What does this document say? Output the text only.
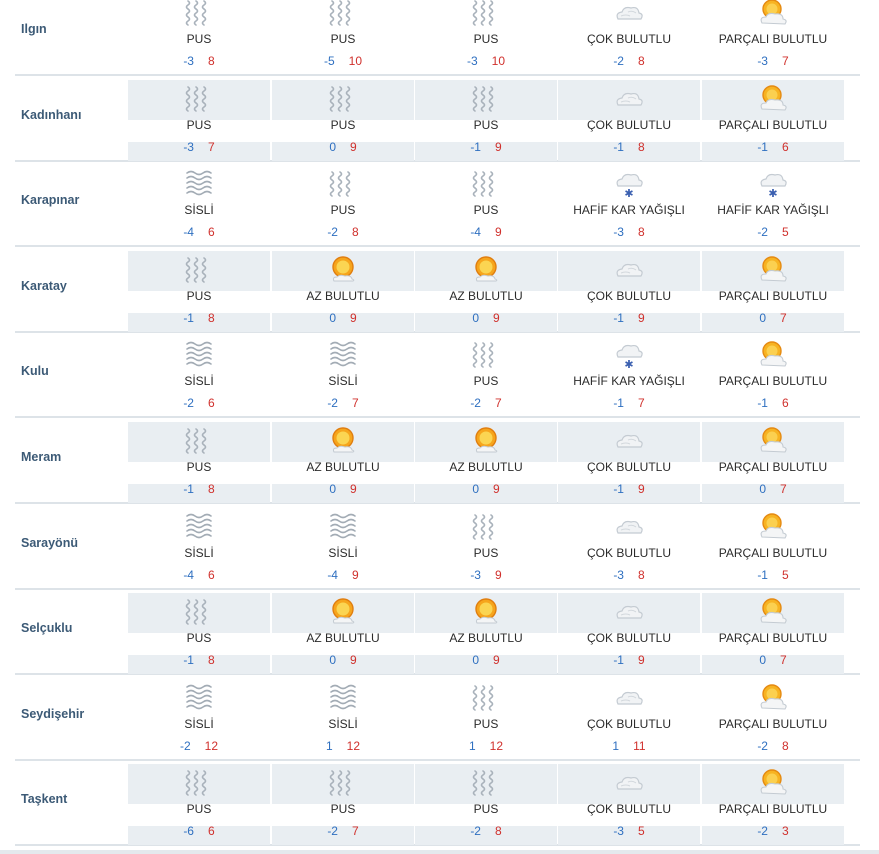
Ilgın
PUS
-3 8
PUS
-5 10
PUS
-3 10
ÇOK BULUTLU
-2 8
PARÇALI BULUTLU
-3 7
Kadınhanı
PUS
-3 7
PUS
0 9
PUS
-1 9
ÇOK BULUTLU
-1 8
PARÇALI BULUTLU
-1 6
Karapınar
SİSLİ
-4 6
PUS
-2 8
PUS
-4 9
✱
HAFİF KAR YAĞIŞLI
-3 8
✱
HAFİF KAR YAĞIŞLI
-2 5
Karatay
PUS
-1 8
AZ BULUTLU
0 9
AZ BULUTLU
0 9
ÇOK BULUTLU
-1 9
PARÇALI BULUTLU
0 7
Kulu
SİSLİ
-2 6
SİSLİ
-2 7
PUS
-2 7
✱
HAFİF KAR YAĞIŞLI
-1 7
PARÇALI BULUTLU
-1 6
Meram
PUS
-1 8
AZ BULUTLU
0 9
AZ BULUTLU
0 9
ÇOK BULUTLU
-1 9
PARÇALI BULUTLU
0 7
Sarayönü
SİSLİ
-4 6
SİSLİ
-4 9
PUS
-3 9
ÇOK BULUTLU
-3 8
PARÇALI BULUTLU
-1 5
Selçuklu
PUS
-1 8
AZ BULUTLU
0 9
AZ BULUTLU
0 9
ÇOK BULUTLU
-1 9
PARÇALI BULUTLU
0 7
Seydişehir
SİSLİ
-2 12
SİSLİ
1 12
PUS
1 12
ÇOK BULUTLU
1 11
PARÇALI BULUTLU
-2 8
Taşkent
PUS
-6 6
PUS
-2 7
PUS
-2 8
ÇOK BULUTLU
-3 5
PARÇALI BULUTLU
-2 3
